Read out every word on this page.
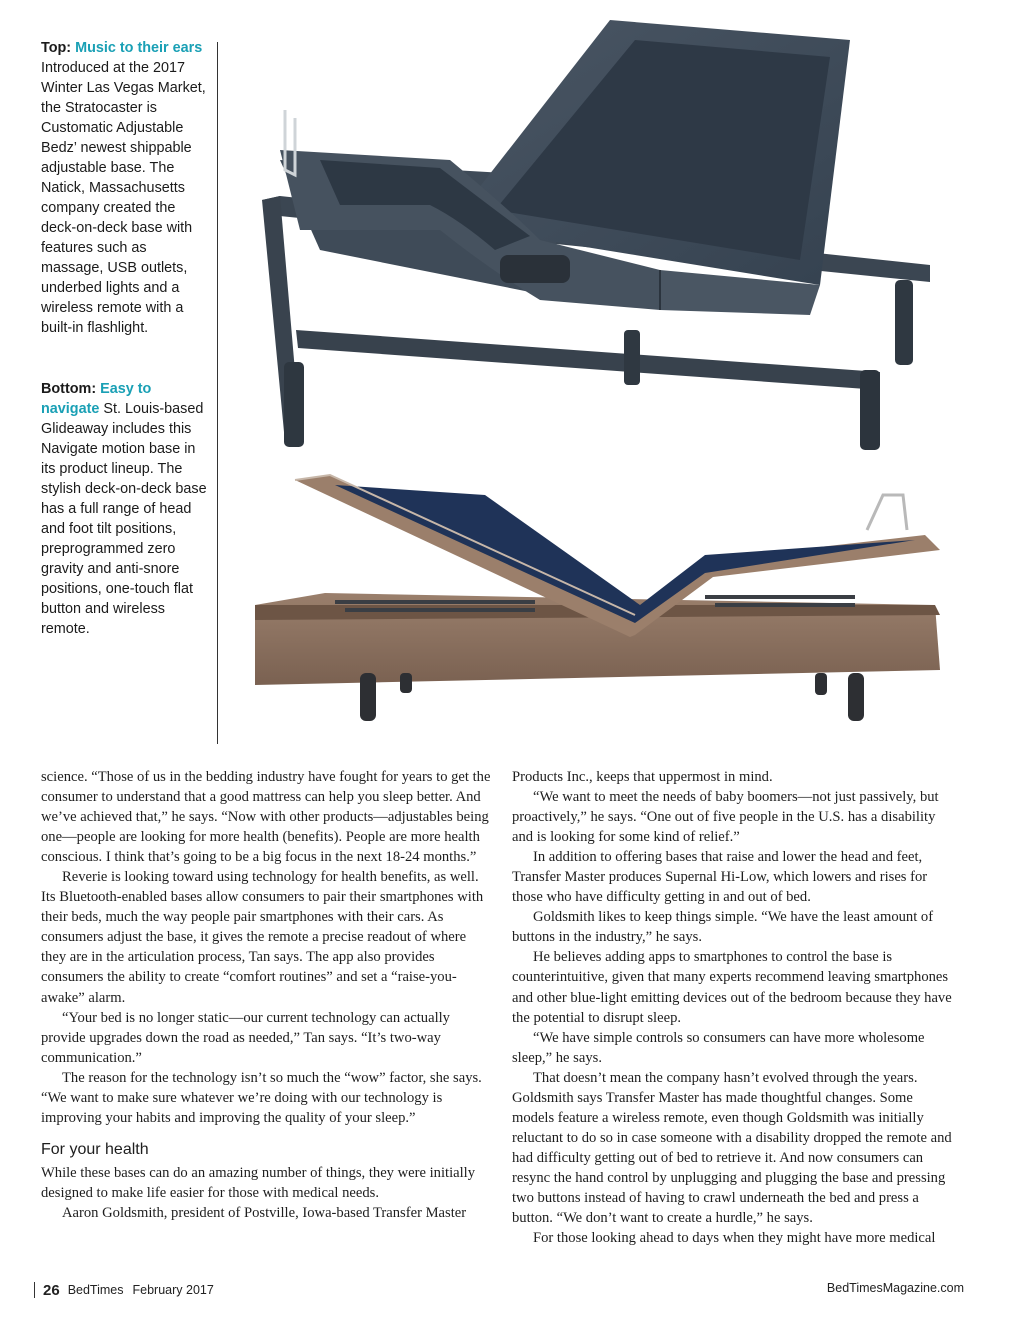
Top: Music to their ears Introduced at the 2017 Winter Las Vegas Market, the Stratocaster is Customatic Adjustable Bedz’ newest shippable adjustable base. The Natick, Massachusetts company created the deck-on-deck base with features such as massage, USB outlets, underbed lights and a wireless remote with a built-in flashlight.
Bottom: Easy to navigate St. Louis-based Glideaway includes this Navigate motion base in its product lineup. The stylish deck-on-deck base has a full range of head and foot tilt positions, preprogrammed zero gravity and anti-snore positions, one-touch flat button and wireless remote.

science. “Those of us in the bedding industry have fought for years to get the consumer to understand that a good mattress can help you sleep better. And we’ve achieved that,” he says. “Now with other products—adjustables being one—people are looking for more health (benefits). People are more health conscious. I think that’s going to be a big focus in the next 18-24 months.”

Reverie is looking toward using technology for health benefits, as well. Its Bluetooth-enabled bases allow consumers to pair their smartphones with their beds, much the way people pair smartphones with their cars. As consumers adjust the base, it gives the remote a precise readout of where they are in the articulation process, Tan says. The app also provides consumers the ability to create “comfort routines” and set a “raise-you-awake” alarm.

“Your bed is no longer static—our current technology can actually provide upgrades down the road as needed,” Tan says. “It’s two-way communication.”

The reason for the technology isn’t so much the “wow” factor, she says. “We want to make sure whatever we’re doing with our technology is improving your habits and improving the quality of your sleep.”

For your health

While these bases can do an amazing number of things, they were initially designed to make life easier for those with medical needs.

Aaron Goldsmith, president of Postville, Iowa-based Transfer Master

Products Inc., keeps that uppermost in mind.

“We want to meet the needs of baby boomers—not just passively, but proactively,” he says. “One out of five people in the U.S. has a disability and is looking for some kind of relief.”

In addition to offering bases that raise and lower the head and feet, Transfer Master produces Supernal Hi-Low, which lowers and rises for those who have difficulty getting in and out of bed.

Goldsmith likes to keep things simple. “We have the least amount of buttons in the industry,” he says.

He believes adding apps to smartphones to control the base is counterintuitive, given that many experts recommend leaving smartphones and other blue-light emitting devices out of the bedroom because they have the potential to disrupt sleep.

“We have simple controls so consumers can have more wholesome sleep,” he says.

That doesn’t mean the company hasn’t evolved through the years. Goldsmith says Transfer Master has made thoughtful changes. Some models feature a wireless remote, even though Goldsmith was initially reluctant to do so in case someone with a disability dropped the remote and had difficulty getting out of bed to retrieve it. And now consumers can resync the hand control by unplugging and plugging the base and pressing two buttons instead of having to crawl underneath the bed and press a button. “We don’t want to create a hurdle,” he says.

For those looking ahead to days when they might have more medical

26 BedTimes February 2017	BedTimesMagazine.com
